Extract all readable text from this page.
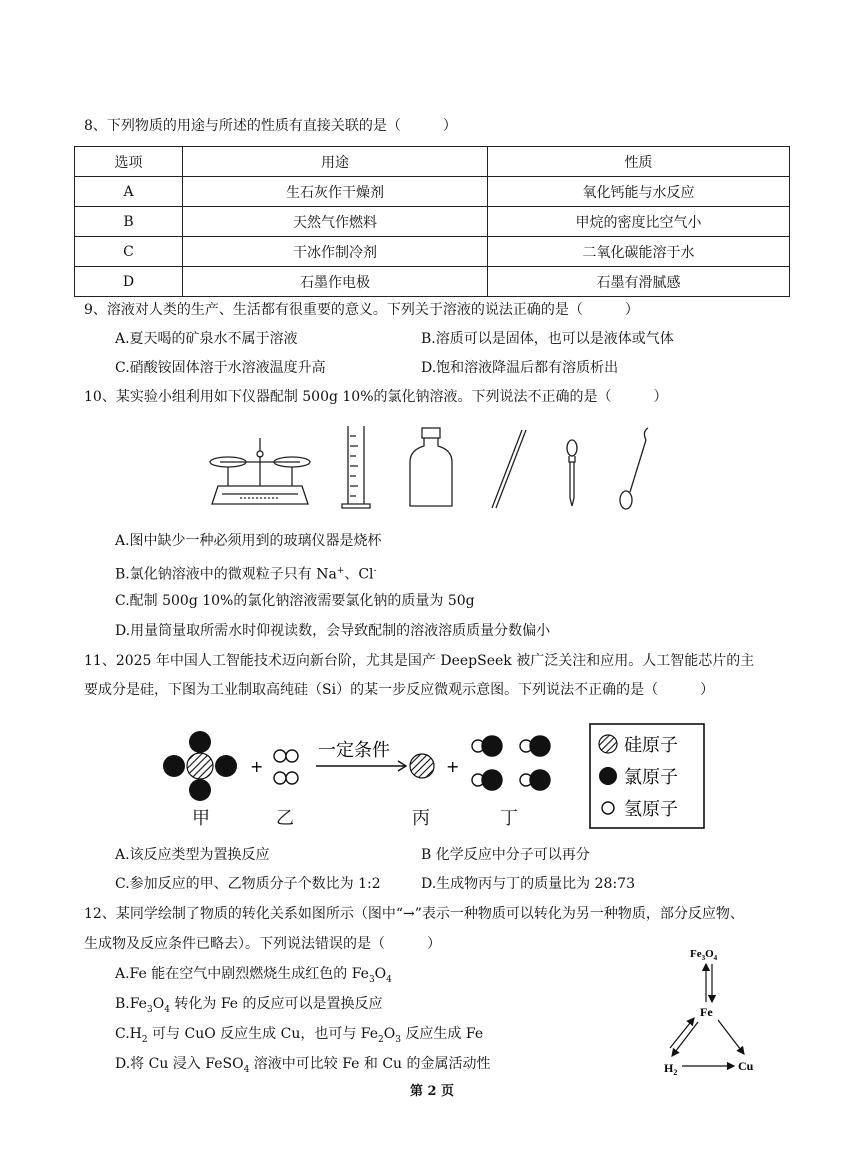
8、下列物质的用途与所述的性质有直接关联的是（　　　）
选项	用途	性质
A	生石灰作干燥剂	氧化钙能与水反应
B	天然气作燃料	甲烷的密度比空气小
C	干冰作制冷剂	二氧化碳能溶于水
D	石墨作电极	石墨有滑腻感
9、溶液对人类的生产、生活都有很重要的意义。下列关于溶液的说法正确的是（　　　）
A.夏天喝的矿泉水不属于溶液	B.溶质可以是固体，也可以是液体或气体
C.硝酸铵固体溶于水溶液温度升高	D.饱和溶液降温后都有溶质析出
10、某实验小组利用如下仪器配制 500g 10%的氯化钠溶液。下列说法不正确的是（　　　）
A.图中缺少一种必须用到的玻璃仪器是烧杯
B.氯化钠溶液中的微观粒子只有 Na+、Cl-
C.配制 500g 10%的氯化钠溶液需要氯化钠的质量为 50g
D.用量筒量取所需水时仰视读数，会导致配制的溶液溶质质量分数偏小
11、2025 年中国人工智能技术迈向新台阶，尤其是国产 DeepSeek 被广泛关注和应用。人工智能芯片的主
要成分是硅，下图为工业制取高纯硅（Si）的某一步反应微观示意图。下列说法不正确的是（　　　）
+
一定条件
+
甲	乙	丙	丁
硅原子
氯原子
氢原子
A.该反应类型为置换反应	B 化学反应中分子可以再分
C.参加反应的甲、乙物质分子个数比为 1:2	D.生成物丙与丁的质量比为 28:73
12、某同学绘制了物质的转化关系如图所示（图中“→”表示一种物质可以转化为另一种物质，部分反应物、
生成物及反应条件已略去）。下列说法错误的是（　　　）
A.Fe 能在空气中剧烈燃烧生成红色的 $Fe_3O_4$
$B.Fe_3O_4$ 转化为 Fe 的反应可以是置换反应
$C.H_2$ 可与 CuO 反应生成 Cu，也可与 $Fe_2O_3$ 反应生成 Fe
D.将 Cu 浸入 FeSO$_4$ 溶液中可比较 Fe 和 Cu 的金属活动性
$Fe_3O_4$
Fe
$H_2$	Cu
第 2 页
